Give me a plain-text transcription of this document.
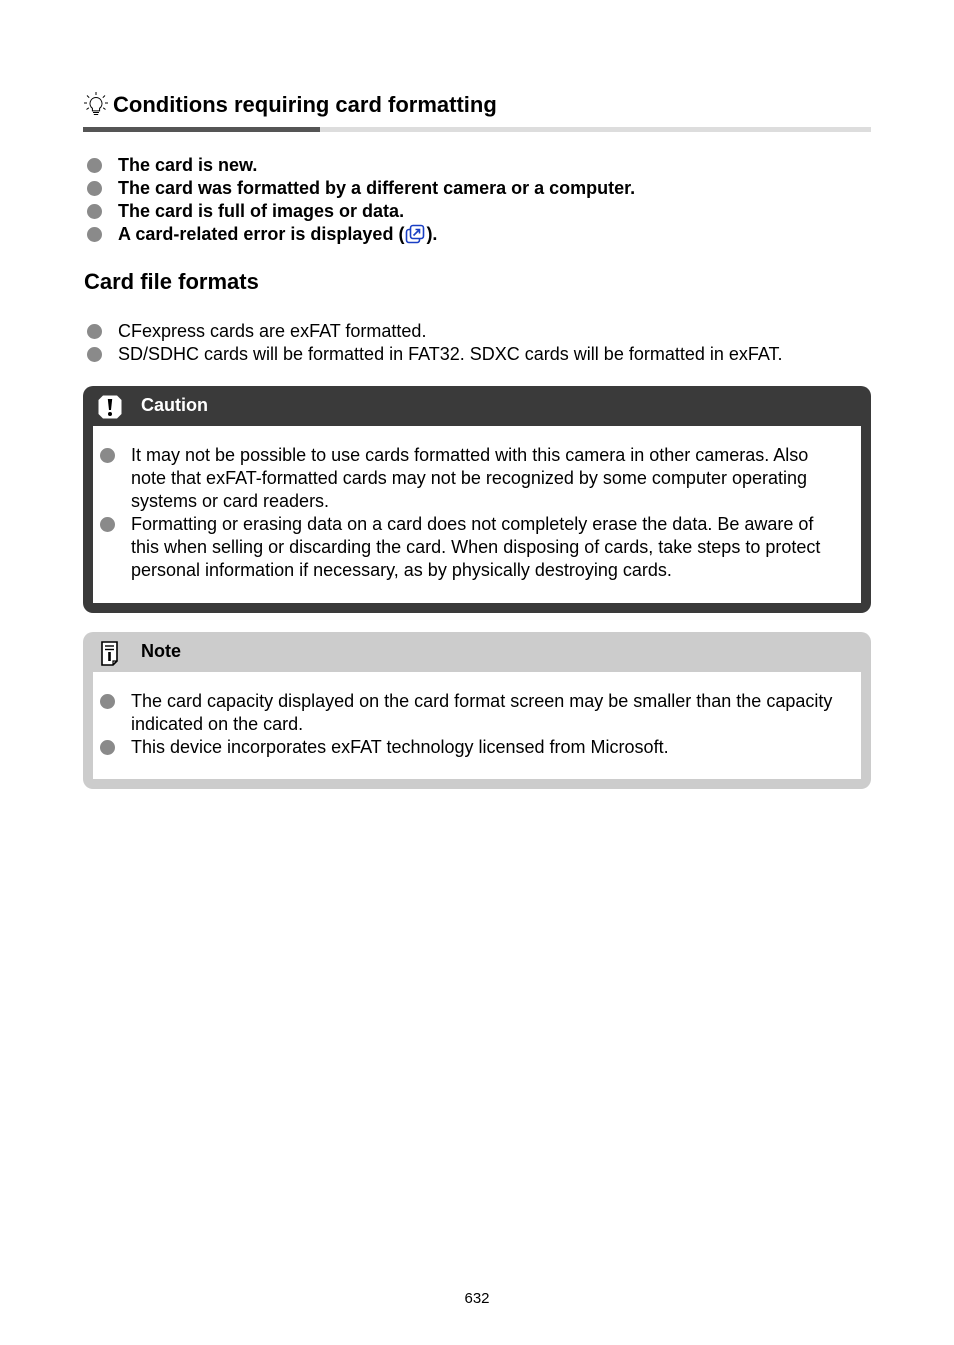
Conditions requiring card formatting
The card is new.
The card was formatted by a different camera or a computer.
The card is full of images or data.
A card-related error is displayed ( ).
Card file formats
CFexpress cards are exFAT formatted.
SD/SDHC cards will be formatted in FAT32. SDXC cards will be formatted in exFAT.
Caution
It may not be possible to use cards formatted with this camera in other cameras. Also note that exFAT-formatted cards may not be recognized by some computer operating systems or card readers.
Formatting or erasing data on a card does not completely erase the data. Be aware of this when selling or discarding the card. When disposing of cards, take steps to protect personal information if necessary, as by physically destroying cards.
Note
The card capacity displayed on the card format screen may be smaller than the capacity indicated on the card.
This device incorporates exFAT technology licensed from Microsoft.
632
